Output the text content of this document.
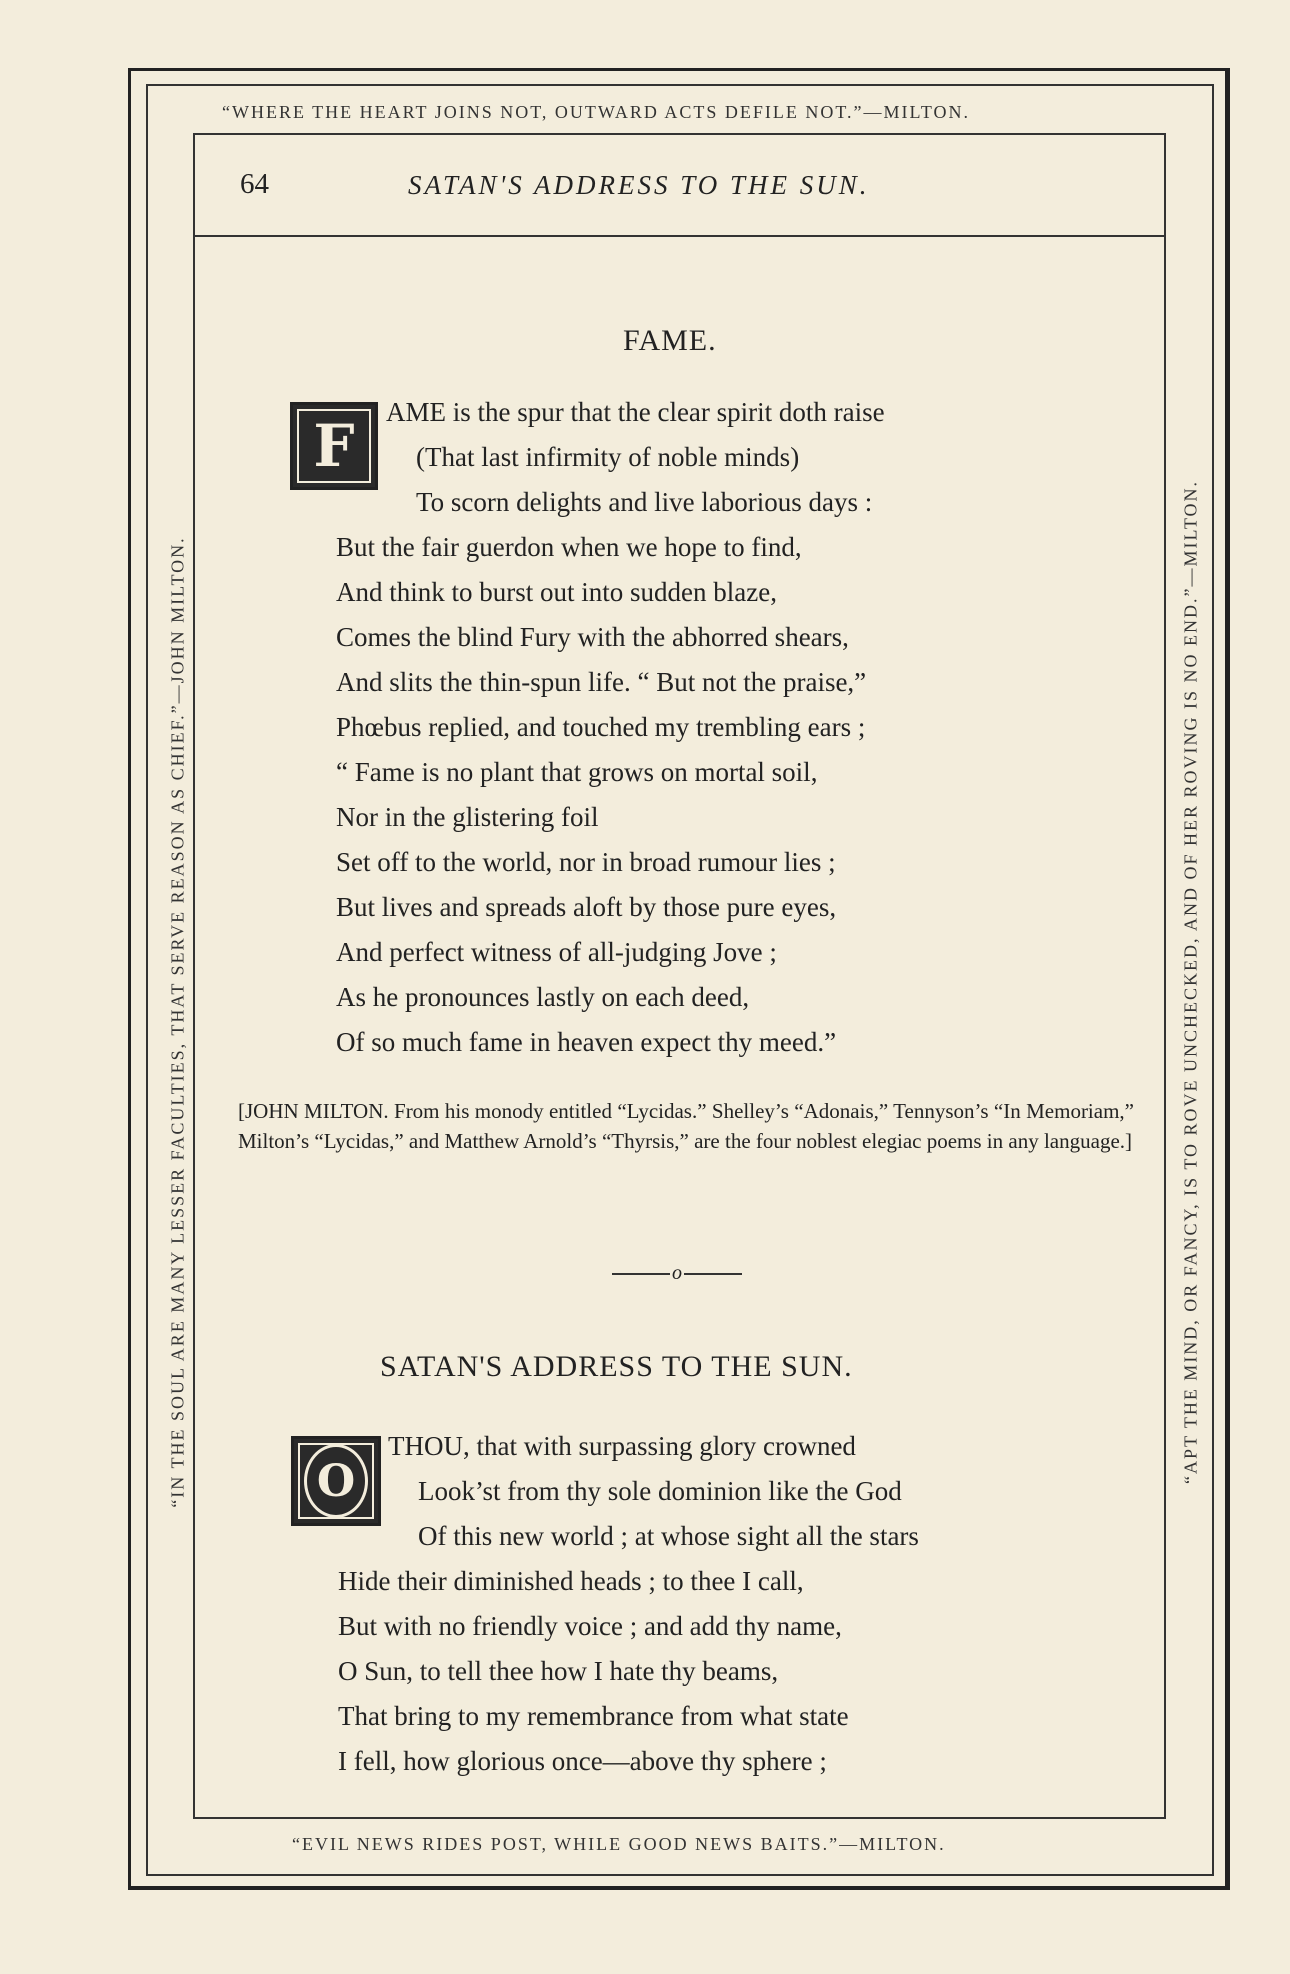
“WHERE THE HEART JOINS NOT, OUTWARD ACTS DEFILE NOT.”—MILTON.
“EVIL NEWS RIDES POST, WHILE GOOD NEWS BAITS.”—MILTON.
“IN THE SOUL ARE MANY LESSER FACULTIES, THAT SERVE REASON AS CHIEF.”—JOHN MILTON.	“APT THE MIND, OR FANCY, IS TO ROVE UNCHECKED, AND OF HER ROVING IS NO END.”—MILTON.
64	SATAN'S ADDRESS TO THE SUN.
FAME.
F	AME is the spur that the clear spirit doth raise
(That last infirmity of noble minds)
To scorn delights and live laborious days :
But the fair guerdon when we hope to find,
And think to burst out into sudden blaze,
Comes the blind Fury with the abhorred shears,
And slits the thin-spun life. “ But not the praise,”
Phœbus replied, and touched my trembling ears ;
“ Fame is no plant that grows on mortal soil,
Nor in the glistering foil
Set off to the world, nor in broad rumour lies ;
But lives and spreads aloft by those pure eyes,
And perfect witness of all-judging Jove ;
As he pronounces lastly on each deed,
Of so much fame in heaven expect thy meed.”
[JOHN MILTON. From his monody entitled “Lycidas.” Shelley’s “Adonais,” Tennyson’s “In Memoriam,” Milton’s “Lycidas,” and Matthew Arnold’s “Thyrsis,” are the four noblest elegiac poems in any language.]
o
SATAN'S ADDRESS TO THE SUN.
O
THOU, that with surpassing glory crowned
Look’st from thy sole dominion like the God
Of this new world ; at whose sight all the stars
Hide their diminished heads ; to thee I call,
But with no friendly voice ; and add thy name,
O Sun, to tell thee how I hate thy beams,
That bring to my remembrance from what state
I fell, how glorious once—above thy sphere ;
